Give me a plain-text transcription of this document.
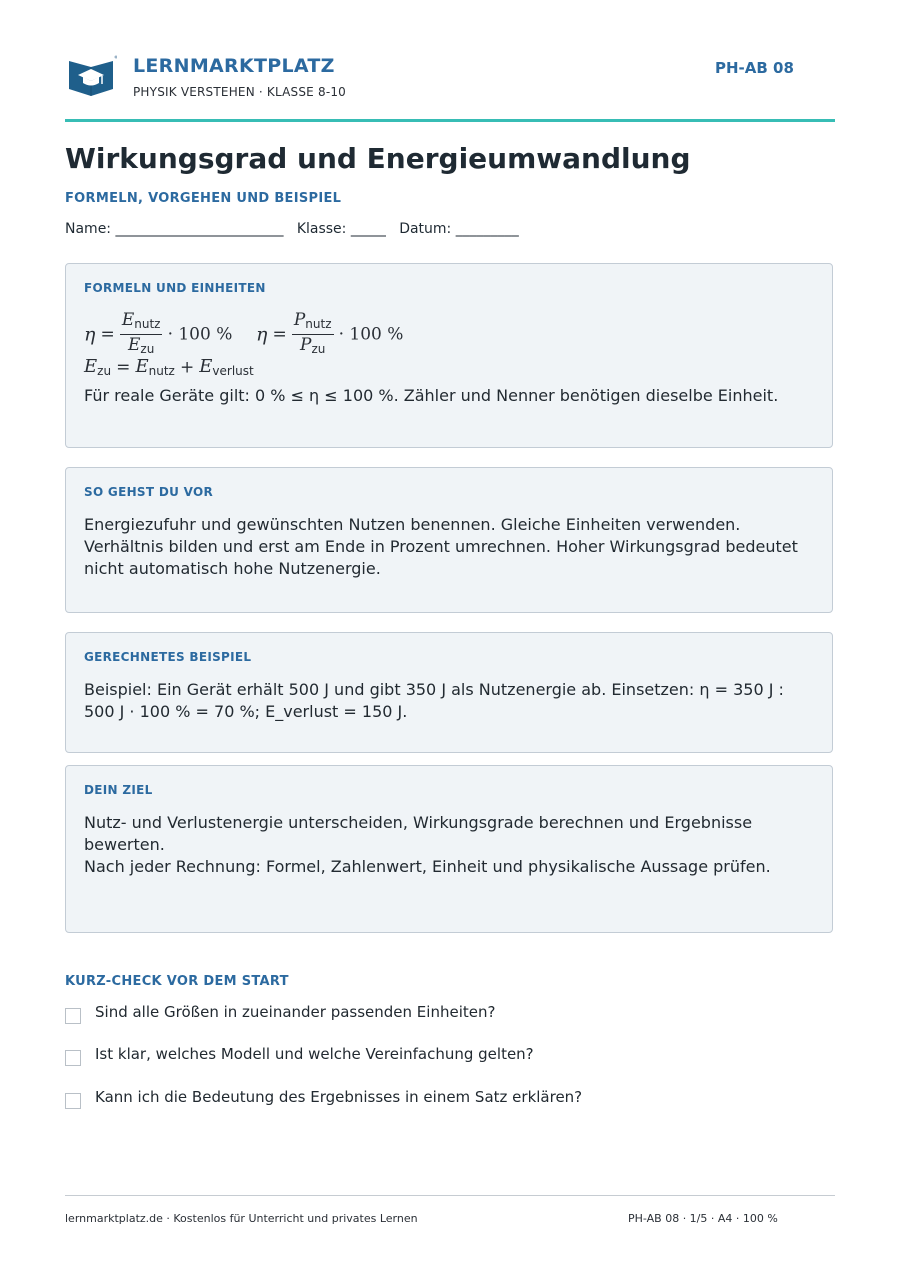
LERNMARKTPLATZ
PHYSIK VERSTEHEN · KLASSE 8-10
PH-AB 08
Wirkungsgrad und Energieumwandlung
FORMELN, VORGEHEN UND BEISPIEL
Name: ________________________   Klasse: _____   Datum: _________
FORMELN UND EINHEITEN
$\eta = \frac{E_{nutz}}{E_{zu}} \cdot 100$ % $\eta = \frac{P_{nutz}}{P_{zu}} \cdot 100$ %
$E_{zu} = E_{nutz} + E_{verlust}$
Für reale Geräte gilt: 0 % ≤ η ≤ 100 %. Zähler und Nenner benötigen dieselbe Einheit.
SO GEHST DU VOR
Energiezufuhr und gewünschten Nutzen benennen. Gleiche Einheiten verwenden. Verhältnis bilden und erst am Ende in Prozent umrechnen. Hoher Wirkungsgrad bedeutet nicht automatisch hohe Nutzenergie.
GERECHNETES BEISPIEL
Beispiel: Ein Gerät erhält 500 J und gibt 350 J als Nutzenergie ab. Einsetzen: η = 350 J : 500 J · 100 % = 70 %; E_verlust = 150 J.
DEIN ZIEL

Nutz- und Verlustenergie unterscheiden, Wirkungsgrade berechnen und Ergebnisse bewerten.

Nach jeder Rechnung: Formel, Zahlenwert, Einheit und physikalische Aussage prüfen.

KURZ-CHECK VOR DEM START
Sind alle Größen in zueinander passenden Einheiten?
Ist klar, welches Modell und welche Vereinfachung gelten?
Kann ich die Bedeutung des Ergebnisses in einem Satz erklären?
lernmarktplatz.de · Kostenlos für Unterricht und privates Lernen	PH-AB 08 · 1/5 · A4 · 100 %
